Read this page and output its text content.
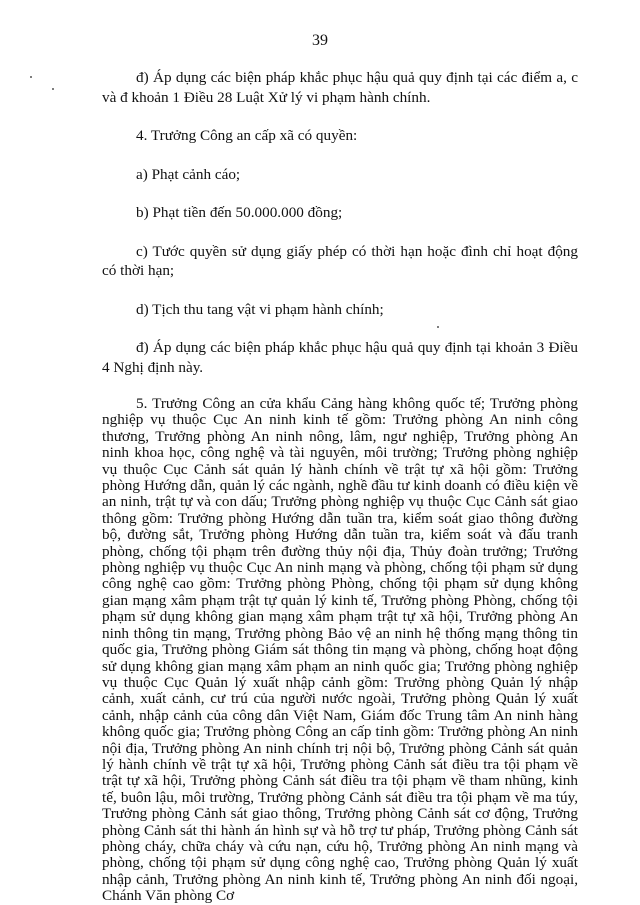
39

đ) Áp dụng các biện pháp khắc phục hậu quả quy định tại các điểm a, c và đ khoản 1 Điều 28 Luật Xử lý vi phạm hành chính.

4. Trưởng Công an cấp xã có quyền:

a) Phạt cảnh cáo;

b) Phạt tiền đến 50.000.000 đồng;

c) Tước quyền sử dụng giấy phép có thời hạn hoặc đình chỉ hoạt động có thời hạn;

d) Tịch thu tang vật vi phạm hành chính;

đ) Áp dụng các biện pháp khắc phục hậu quả quy định tại khoản 3 Điều 4 Nghị định này.

5. Trưởng Công an cửa khẩu Cảng hàng không quốc tế; Trưởng phòng nghiệp vụ thuộc Cục An ninh kinh tế gồm: Trưởng phòng An ninh công thương, Trưởng phòng An ninh nông, lâm, ngư nghiệp, Trưởng phòng An ninh khoa học, công nghệ và tài nguyên, môi trường; Trưởng phòng nghiệp vụ thuộc Cục Cảnh sát quản lý hành chính về trật tự xã hội gồm: Trưởng phòng Hướng dẫn, quản lý các ngành, nghề đầu tư kinh doanh có điều kiện về an ninh, trật tự và con dấu; Trưởng phòng nghiệp vụ thuộc Cục Cảnh sát giao thông gồm: Trưởng phòng Hướng dẫn tuần tra, kiểm soát giao thông đường bộ, đường sắt, Trưởng phòng Hướng dẫn tuần tra, kiểm soát và đấu tranh phòng, chống tội phạm trên đường thủy nội địa, Thủy đoàn trưởng; Trưởng phòng nghiệp vụ thuộc Cục An ninh mạng và phòng, chống tội phạm sử dụng công nghệ cao gồm: Trưởng phòng Phòng, chống tội phạm sử dụng không gian mạng xâm phạm trật tự quản lý kinh tế, Trưởng phòng Phòng, chống tội phạm sử dụng không gian mạng xâm phạm trật tự xã hội, Trưởng phòng An ninh thông tin mạng, Trưởng phòng Bảo vệ an ninh hệ thống mạng thông tin quốc gia, Trưởng phòng Giám sát thông tin mạng và phòng, chống hoạt động sử dụng không gian mạng xâm phạm an ninh quốc gia; Trưởng phòng nghiệp vụ thuộc Cục Quản lý xuất nhập cảnh gồm: Trưởng phòng Quản lý nhập cảnh, xuất cảnh, cư trú của người nước ngoài, Trưởng phòng Quản lý xuất cảnh, nhập cảnh của công dân Việt Nam, Giám đốc Trung tâm An ninh hàng không quốc gia; Trưởng phòng Công an cấp tỉnh gồm: Trưởng phòng An ninh nội địa, Trưởng phòng An ninh chính trị nội bộ, Trưởng phòng Cảnh sát quản lý hành chính về trật tự xã hội, Trưởng phòng Cảnh sát điều tra tội phạm về trật tự xã hội, Trưởng phòng Cảnh sát điều tra tội phạm về tham nhũng, kinh tế, buôn lậu, môi trường, Trưởng phòng Cảnh sát điều tra tội phạm về ma túy, Trưởng phòng Cảnh sát giao thông, Trưởng phòng Cảnh sát cơ động, Trưởng phòng Cảnh sát thi hành án hình sự và hỗ trợ tư pháp, Trưởng phòng Cảnh sát phòng cháy, chữa cháy và cứu nạn, cứu hộ, Trưởng phòng An ninh mạng và phòng, chống tội phạm sử dụng công nghệ cao, Trưởng phòng Quản lý xuất nhập cảnh, Trưởng phòng An ninh kinh tế, Trưởng phòng An ninh đối ngoại, Chánh Văn phòng Cơ
